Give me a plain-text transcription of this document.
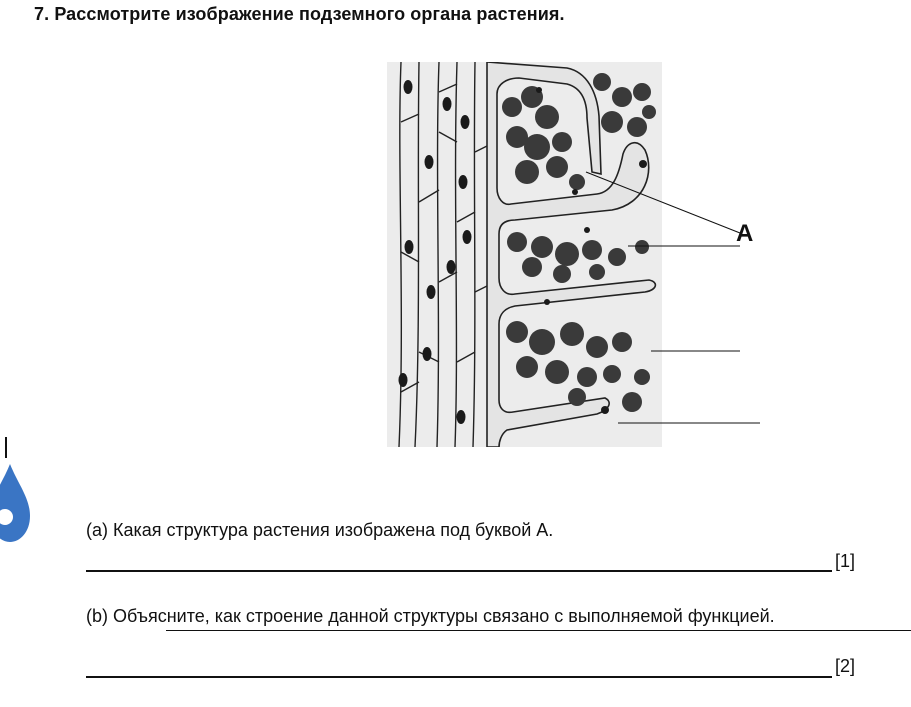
7. Рассмотрите изображение подземного органа растения.
A
(a) Какая структура растения изображена под буквой А.
[1]
(b) Объясните, как строение данной структуры связано с выполняемой функцией.
[2]
